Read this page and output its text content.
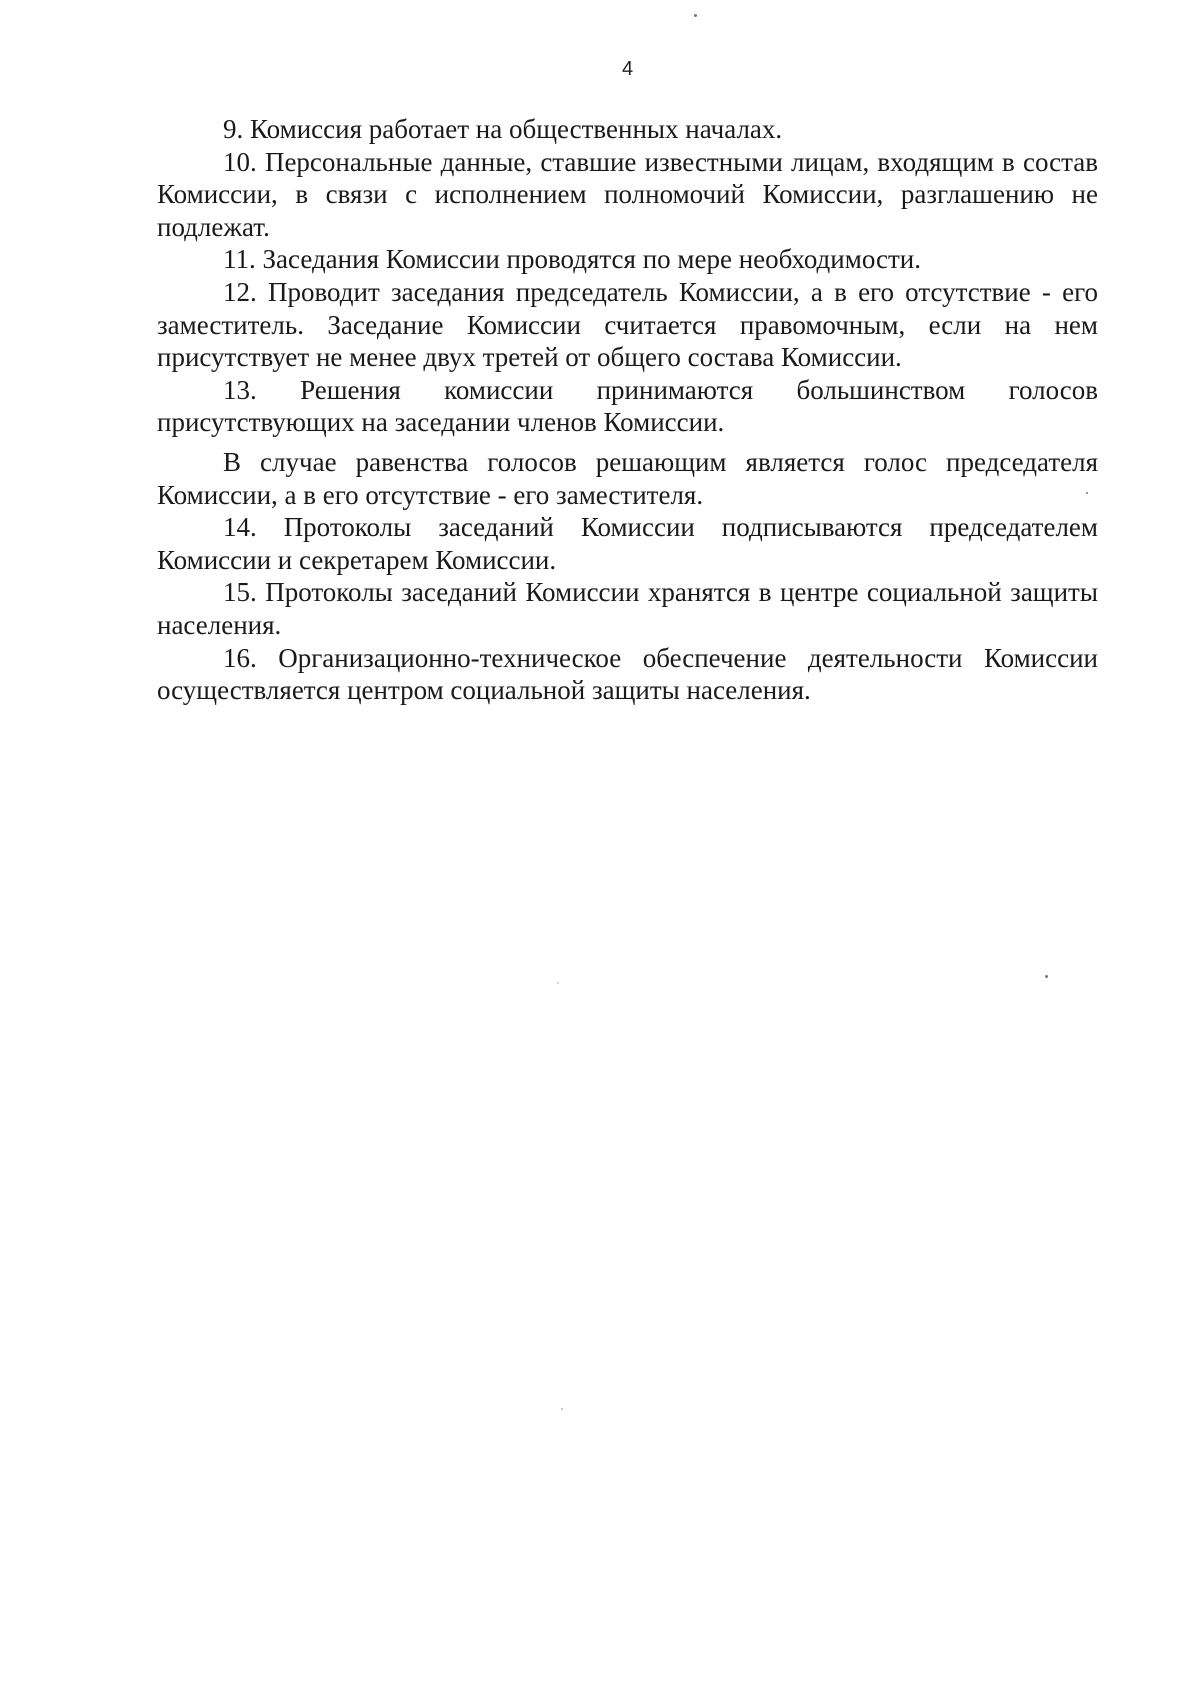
4

9. Комиссия работает на общественных началах.

10. Персональные данные, ставшие известными лицам, входящим в состав Комиссии, в связи с исполнением полномочий Комиссии, разглашению не подлежат.

11. Заседания Комиссии проводятся по мере необходимости.

12. Проводит заседания председатель Комиссии, а в его отсутствие - его заместитель. Заседание Комиссии считается правомочным, если на нем присутствует не менее двух третей от общего состава Комиссии.

13. Решения комиссии принимаются большинством голосов присутствующих на заседании членов Комиссии.

В случае равенства голосов решающим является голос председателя Комиссии, а в его отсутствие - его заместителя.

14. Протоколы заседаний Комиссии подписываются председателем Комиссии и секретарем Комиссии.

15. Протоколы заседаний Комиссии хранятся в центре социальной защиты населения.

16. Организационно-техническое обеспечение деятельности Комиссии осуществляется центром социальной защиты населения.
